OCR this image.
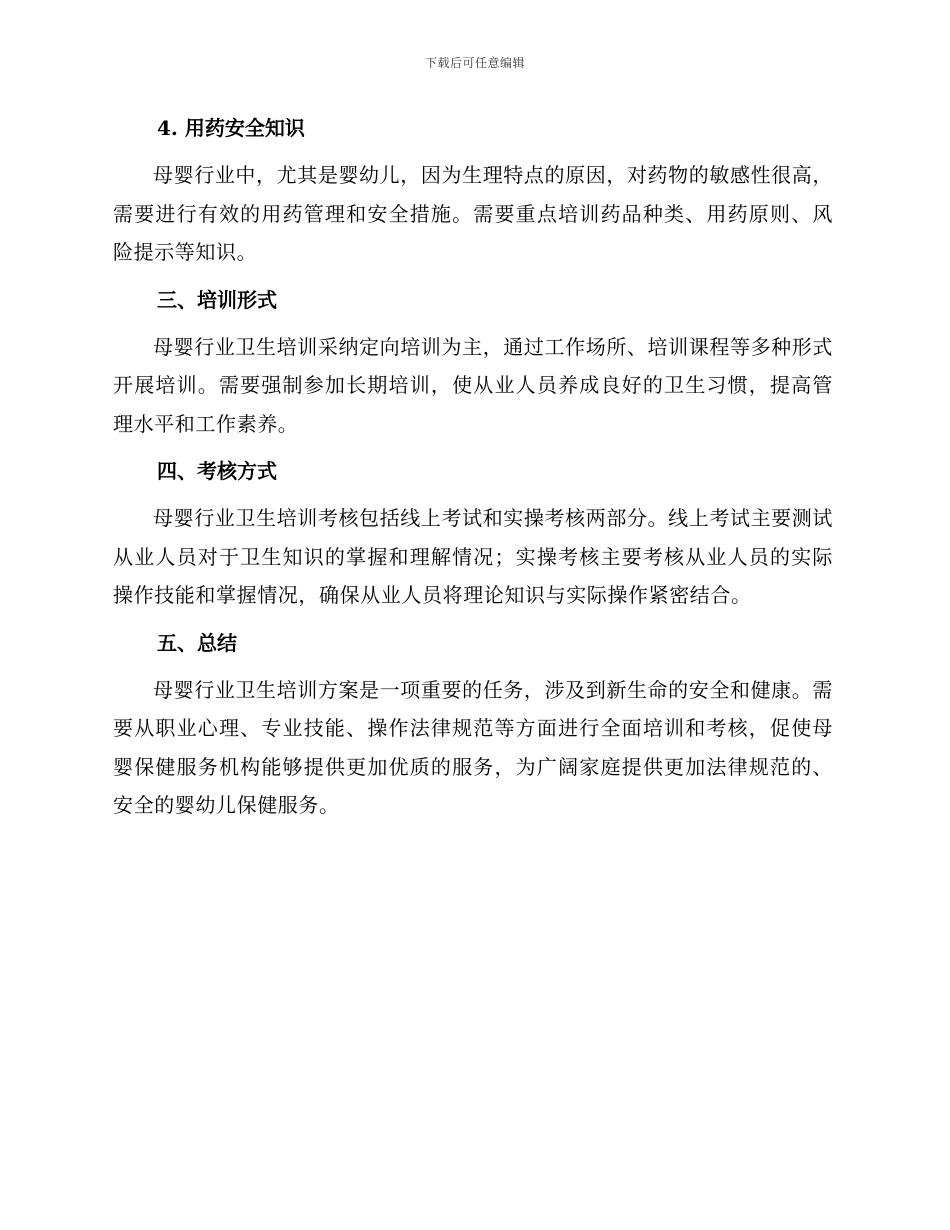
下载后可任意编辑
4. 用药安全知识

母婴行业中，尤其是婴幼儿，因为生理特点的原因，对药物的敏感性很高，需要进行有效的用药管理和安全措施。需要重点培训药品种类、用药原则、风险提示等知识。

三、培训形式

母婴行业卫生培训采纳定向培训为主，通过工作场所、培训课程等多种形式开展培训。需要强制参加长期培训，使从业人员养成良好的卫生习惯，提高管理水平和工作素养。

四、考核方式

母婴行业卫生培训考核包括线上考试和实操考核两部分。线上考试主要测试从业人员对于卫生知识的掌握和理解情况；实操考核主要考核从业人员的实际操作技能和掌握情况，确保从业人员将理论知识与实际操作紧密结合。

五、总结

母婴行业卫生培训方案是一项重要的任务，涉及到新生命的安全和健康。需要从职业心理、专业技能、操作法律规范等方面进行全面培训和考核，促使母婴保健服务机构能够提供更加优质的服务，为广阔家庭提供更加法律规范的、安全的婴幼儿保健服务。
